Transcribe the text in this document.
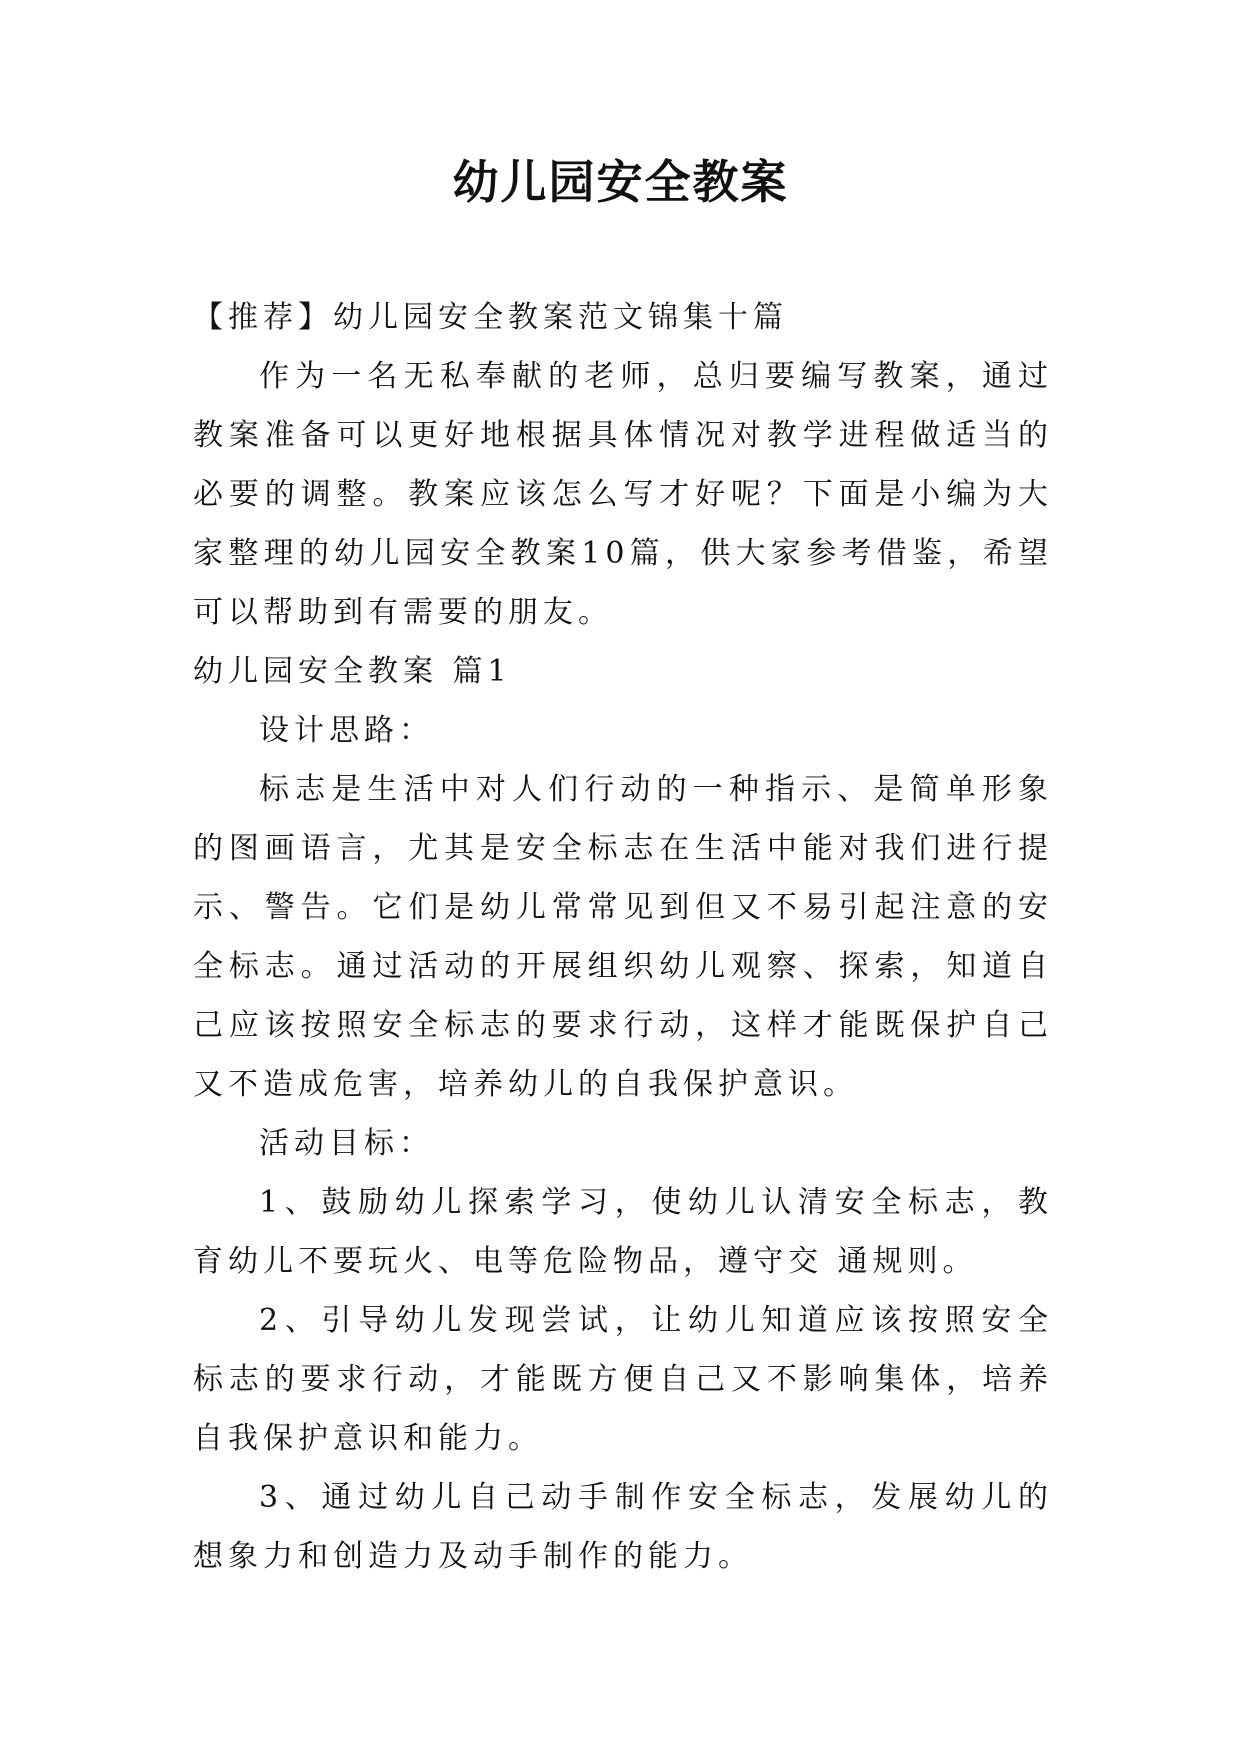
幼儿园安全教案

【推荐】幼儿园安全教案范文锦集十篇

作为一名无私奉献的老师，总归要编写教案，通过教案准备可以更好地根据具体情况对教学进程做适当的必要的调整。教案应该怎么写才好呢？下面是小编为大家整理的幼儿园安全教案10篇，供大家参考借鉴，希望可以帮助到有需要的朋友。

幼儿园安全教案 篇1

设计思路：

标志是生活中对人们行动的一种指示、是简单形象的图画语言，尤其是安全标志在生活中能对我们进行提示、警告。它们是幼儿常常见到但又不易引起注意的安全标志。通过活动的开展组织幼儿观察、探索，知道自己应该按照安全标志的要求行动，这样才能既保护自己又不造成危害，培养幼儿的自我保护意识。

活动目标：

1、鼓励幼儿探索学习，使幼儿认清安全标志，教育幼儿不要玩火、电等危险物品，遵守交 通规则。

2、引导幼儿发现尝试，让幼儿知道应该按照安全标志的要求行动，才能既方便自己又不影响集体，培养自我保护意识和能力。

3、通过幼儿自己动手制作安全标志，发展幼儿的想象力和创造力及动手制作的能力。
